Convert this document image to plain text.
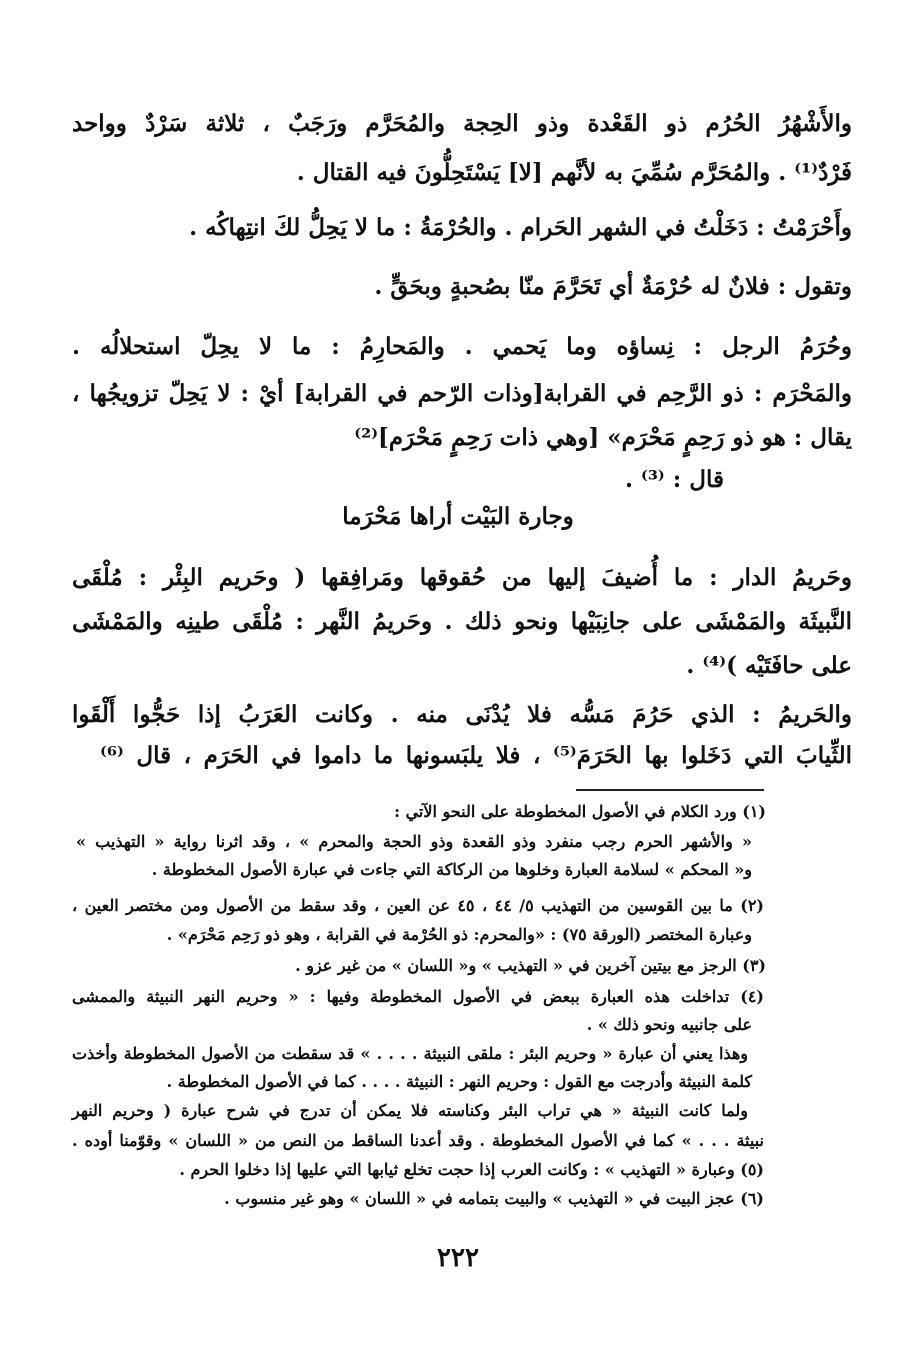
والأَشْهُرُ الحُرُم ذو القَعْدة وذو الحِجة والمُحَرَّم ورَجَبٌ ، ثلاثة سَرْدٌ وواحد

فَرْدٌ⁽¹⁾ . والمُحَرَّم سُمِّيَ به لأنَّهم [لا] يَسْتَحِلُّونَ فيه القتال .

وأَحْرَمْتُ : دَخَلْتُ في الشهر الحَرام . والحُرْمَةُ : ما لا يَحِلُّ لكَ انتِهاكُه .

وتقول : فلانٌ له حُرْمَةٌ أي تَحَرَّمَ منّا بصُحبةٍ وبحَقٍّ .

وحُرَمُ الرجل : نِساؤه وما يَحمي . والمَحارِمُ : ما لا يحِلّ استحلالُه .

والمَحْرَم : ذو الرَّحِم في القرابة[وذات الرّحم في القرابة] أيْ : لا يَحِلّ تزويجُها ،

يقال : هو ذو رَحِمٍ مَحْرَم» [وهي ذات رَحِمٍ مَحْرَم]⁽²⁾

قال : ⁽³⁾ .

وجارة البَيْت أراها مَحْرَما

وحَريمُ الدار : ما أُضيفَ إليها من حُقوقها ومَرافِقها ( وحَريم البِئْر : مُلْقَى

النَّبيثَة والمَمْشَى على جانِبَيْها ونحو ذلك . وحَريمُ النَّهر : مُلْقَى طينِه والمَمْشَى

على حافَتَيْه )⁽⁴⁾ .

والحَريمُ : الذي حَرُمَ مَسُّه فلا يُدْنَى منه . وكانت العَرَبُ إذا حَجُّوا أَلْقَوا

الثِّيابَ التي دَخَلوا بها الحَرَمَ⁽⁵⁾ ، فلا يلبَسونها ما داموا في الحَرَم ، قال ⁽⁶⁾

(١) ورد الكلام في الأصول المخطوطة على النحو الآتي :

« والأشهر الحرم رجب منفرد وذو القعدة وذو الحجة والمحرم » ، وقد اثرنا رواية « التهذيب »

و« المحكم » لسلامة العبارة وخلوها من الركاكة التي جاءت في عبارة الأصول المخطوطة .

(٢) ما بين القوسين من التهذيب ٥/ ٤٤ ، ٤٥ عن العين ، وقد سقط من الأصول ومن مختصر العين ،

وعبارة المختصر (الورقة ٧٥) : «والمحرم: ذو الحُرْمة في القرابة ، وهو ذو رَحِم مَحْرَم» .

(٣) الرجز مع بيتين آخرين في « التهذيب » و« اللسان » من غير عزو .

(٤) تداخلت هذه العبارة ببعض في الأصول المخطوطة وفيها : « وحريم النهر النبيثة والممشى

على جانبيه ونحو ذلك » .

وهذا يعني أن عبارة « وحريم البئر : ملقى النبيثة . . . . » قد سقطت من الأصول المخطوطة وأخذت

كلمة النبيثة وأدرجت مع القول : وحريم النهر : النبيثة . . . . كما في الأصول المخطوطة .

ولما كانت النبيثة « هي تراب البئر وكناسته فلا يمكن أن تدرج في شرح عبارة ( وحريم النهر

نبيثة . . . » كما في الأصول المخطوطة . وقد أعدنا الساقط من النص من « اللسان » وقوّمنا أوده .

(٥) وعبارة « التهذيب » : وكانت العرب إذا حجت تخلع ثيابها التي عليها إذا دخلوا الحرم .

(٦) عجز البيت في « التهذيب » والبيت بتمامه في « اللسان » وهو غير منسوب .

٢٢٢
